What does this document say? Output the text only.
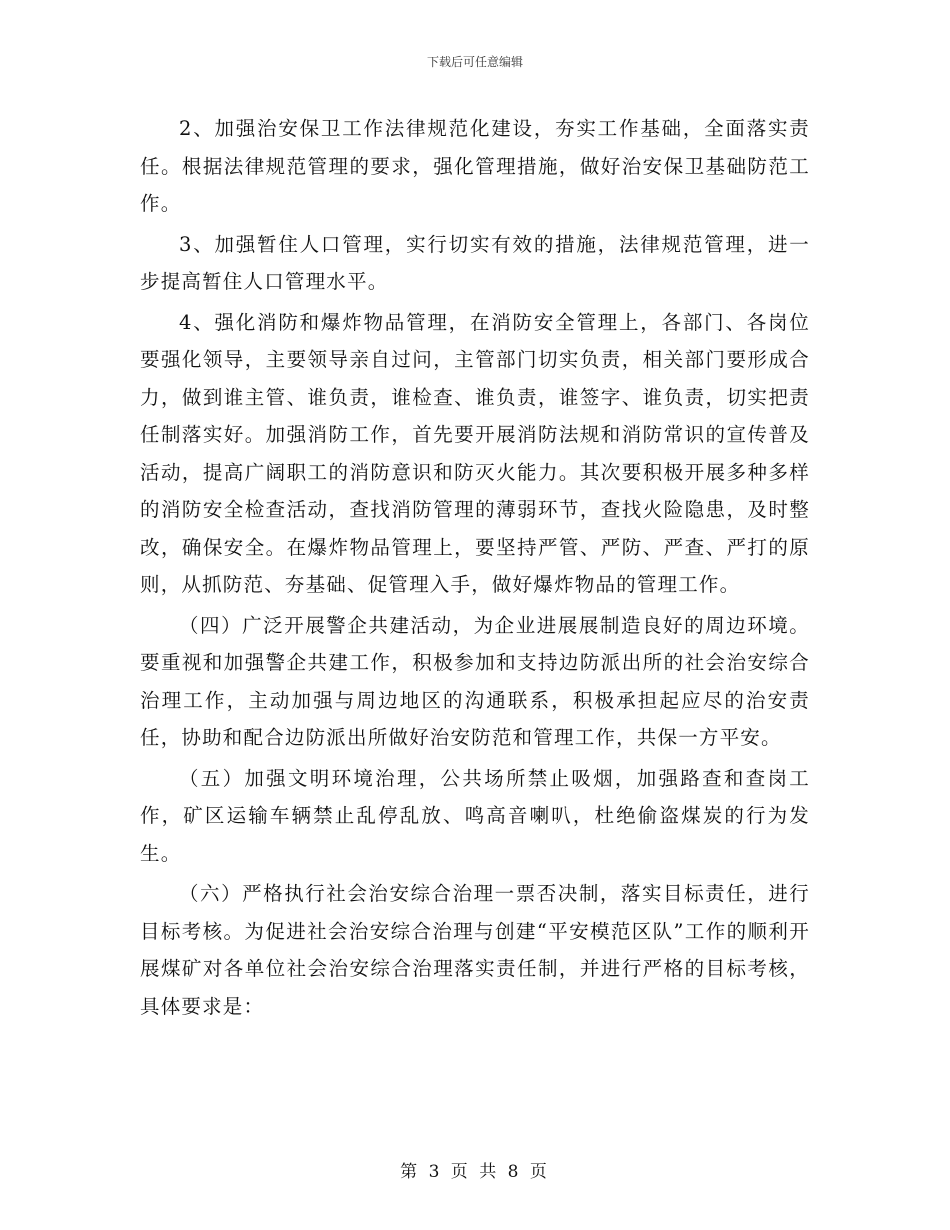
下载后可任意编辑

2、加强治安保卫工作法律规范化建设，夯实工作基础，全面落实责任。根据法律规范管理的要求，强化管理措施，做好治安保卫基础防范工作。

3、加强暂住人口管理，实行切实有效的措施，法律规范管理，进一步提高暂住人口管理水平。

4、强化消防和爆炸物品管理，在消防安全管理上，各部门、各岗位要强化领导，主要领导亲自过问，主管部门切实负责，相关部门要形成合力，做到谁主管、谁负责，谁检查、谁负责，谁签字、谁负责，切实把责任制落实好。加强消防工作，首先要开展消防法规和消防常识的宣传普及活动，提高广阔职工的消防意识和防灭火能力。其次要积极开展多种多样的消防安全检查活动，查找消防管理的薄弱环节，查找火险隐患，及时整改，确保安全。在爆炸物品管理上，要坚持严管、严防、严查、严打的原则，从抓防范、夯基础、促管理入手，做好爆炸物品的管理工作。

（四）广泛开展警企共建活动，为企业进展展制造良好的周边环境。要重视和加强警企共建工作，积极参加和支持边防派出所的社会治安综合治理工作，主动加强与周边地区的沟通联系，积极承担起应尽的治安责任，协助和配合边防派出所做好治安防范和管理工作，共保一方平安。

（五）加强文明环境治理，公共场所禁止吸烟，加强路查和查岗工作，矿区运输车辆禁止乱停乱放、鸣高音喇叭，杜绝偷盗煤炭的行为发生。

（六）严格执行社会治安综合治理一票否决制，落实目标责任，进行目标考核。为促进社会治安综合治理与创建“平安模范区队”工作的顺利开展煤矿对各单位社会治安综合治理落实责任制，并进行严格的目标考核，具体要求是：

第 3 页 共 8 页
